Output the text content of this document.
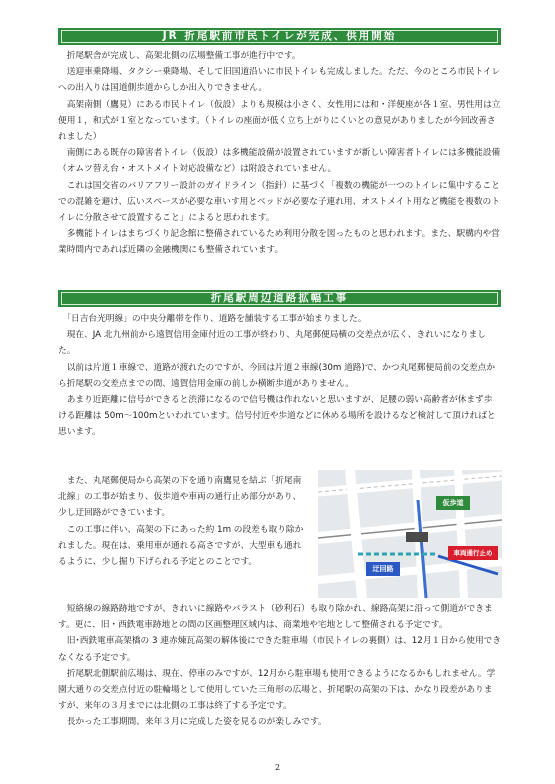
JR 折尾駅前市民トイレが完成、供用開始

　折尾駅舎が完成し、高架北側の広場整備工事が進行中です。

　送迎車乗降場、タクシー乗降場、そして旧国道沿いに市民トイレも完成しました。ただ、今のところ市民トイレへの出入りは国道側歩道からしか出入りできません。

　高架南側（鷹見）にある市民トイレ（仮設）よりも規模は小さく、女性用には和・洋便座が各１室、男性用は立便用１，和式が１室となっています。（トイレの座面が低く立ち上がりにくいとの意見がありましたが今回改善されました）

　南側にある既存の障害者トイレ（仮設）は多機能設備が設置されていますが新しい障害者トイレには多機能設備（オムツ替え台・オストメイト対応設備など）は附設されていません。

　これは国交省のバリアフリー設計のガイドライン（指針）に基づく「複数の機能が一つのトイレに集中することでの混雑を避け、広いスペースが必要な車いす用とベッドが必要な子連れ用、オストメイト用など機能を複数のトイレに分散させて設置すること」によると思われます。

　多機能トイレはまちづくり記念館に整備されているため利用分散を図ったものと思われます。また、駅構内や営業時間内であれば近隣の金融機関にも整備されています。

折尾駅周辺道路拡幅工事

　「日吉台光明線」の中央分離帯を作り、道路を舗装する工事が始まりました。

　現在、JA 北九州前から遠賀信用金庫付近の工事が終わり、丸尾郵便局横の交差点が広く、きれいになりました。

　以前は片道１車線で、道路が渡れたのですが、今回は片道２車線(30m 道路)で、かつ丸尾郵便局前の交差点から折尾駅の交差点までの間、遠賀信用金庫の前しか横断歩道がありません。

　あまり近距離に信号ができると渋滞になるので信号機は作れないと思いますが、足腰の弱い高齢者が休まず歩ける距離は 50m～100mといわれています。信号付近や歩道などに休める場所を設けるなど検討して頂ければと思います。

　また、丸尾郵便局から高架の下を通り南鷹見を結ぶ「折尾南北線」の工事が始まり、仮歩道や車両の通行止め部分があり、少し迂回路ができています。

　この工事に伴い、高架の下にあった約 1m の段差も取り除かれました。現在は、乗用車が通れる高さですが、大型車も通れるように、少し掘り下げられる予定とのことです。

仮歩道
迂回路
車両通行止め

　短絡線の線路跡地ですが、きれいに線路やバラスト（砂利石）も取り除かれ、線路高架に沿って側道ができます。更に、旧・西鉄電車跡地との間の区画整理区域内は、商業地や宅地として整備される予定です。

　旧･西鉄電車高架橋の 3 連赤煉瓦高架の解体後にできた駐車場（市民トイレの裏側）は、12月１日から使用できなくなる予定です。

　折尾駅北側駅前広場は、現在、停車のみですが、12月から駐車場も使用できるようになるかもしれません。学園大通りの交差点付近の駐輪場として使用していた三角形の広場と、折尾駅の高架の下は、かなり段差がありますが、来年の３月までには北側の工事は終了する予定です。

　長かった工事期間、来年３月に完成した姿を見るのが楽しみです。

2
